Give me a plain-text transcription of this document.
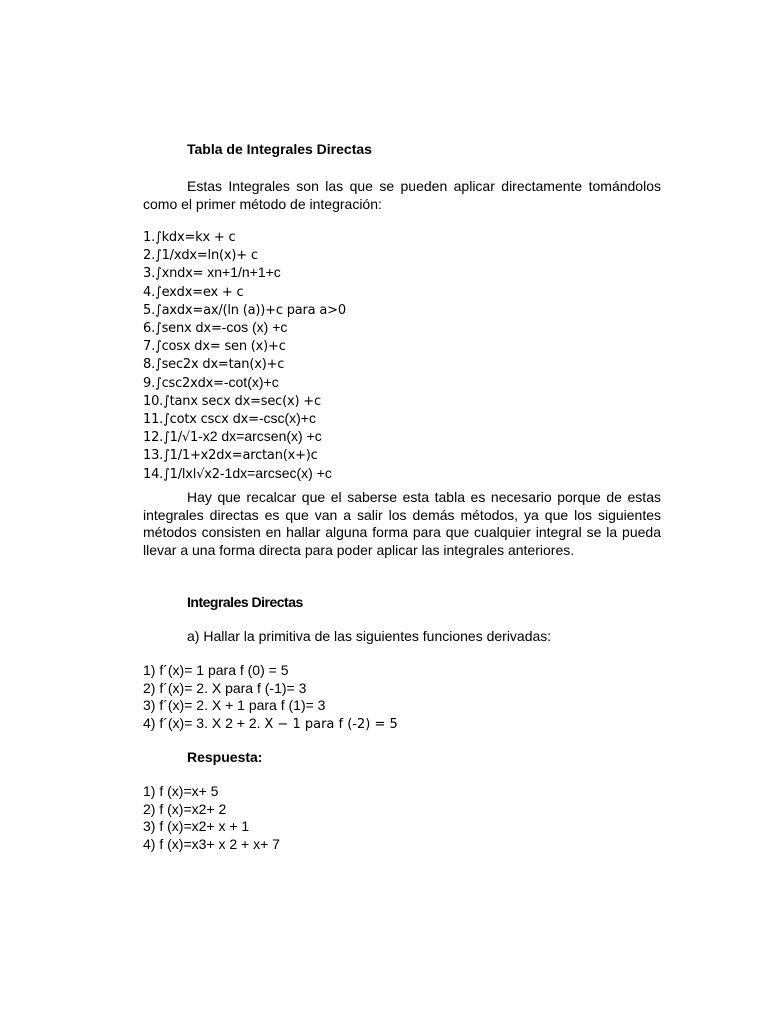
Tabla de Integrales Directas

Estas Integrales son las que se pueden aplicar directamente tomándolos como el primer método de integración:

1.∫kdx=kx + c
2.∫1/xdx=ln(x)+ c
3.∫xndx= xn+1/n+1+c
4.∫exdx=ex + c
5.∫axdx=ax/(ln (a))+c para a>0
6.∫senx dx=-cos (x) +c
7.∫cosx dx= sen (x)+c
8.∫sec2x dx=tan(x)+c
9.∫csc2xdx=-cot(x)+c
10.∫tanx secx dx=sec(x) +c
11.∫cotx cscx dx=-csc(x)+c
12.∫1/√1-x2 dx=arcsen(x) +c
13.∫1/1+x2dx=arctan(x+)c
14.∫1/lxl√x2-1dx=arcsec(x) +c

Hay que recalcar que el saberse esta tabla es necesario porque de estas integrales directas es que van a salir los demás métodos, ya que los siguientes métodos consisten en hallar alguna forma para que cualquier integral se la pueda llevar a una forma directa para poder aplicar las integrales anteriores.

Integrales Directas
a) Hallar la primitiva de las siguientes funciones derivadas:
1) f´(x)= 1 para f (0) = 5
2) f´(x)= 2. X para f (-1)= 3
3) f´(x)= 2. X + 1 para f (1)= 3
4) f´(x)= 3. X 2 + 2. X − 1 para f (-2) = 5
Respuesta:
1) f (x)=x+ 5
2) f (x)=x2+ 2
3) f (x)=x2+ x + 1
4) f (x)=x3+ x 2 + x+ 7
